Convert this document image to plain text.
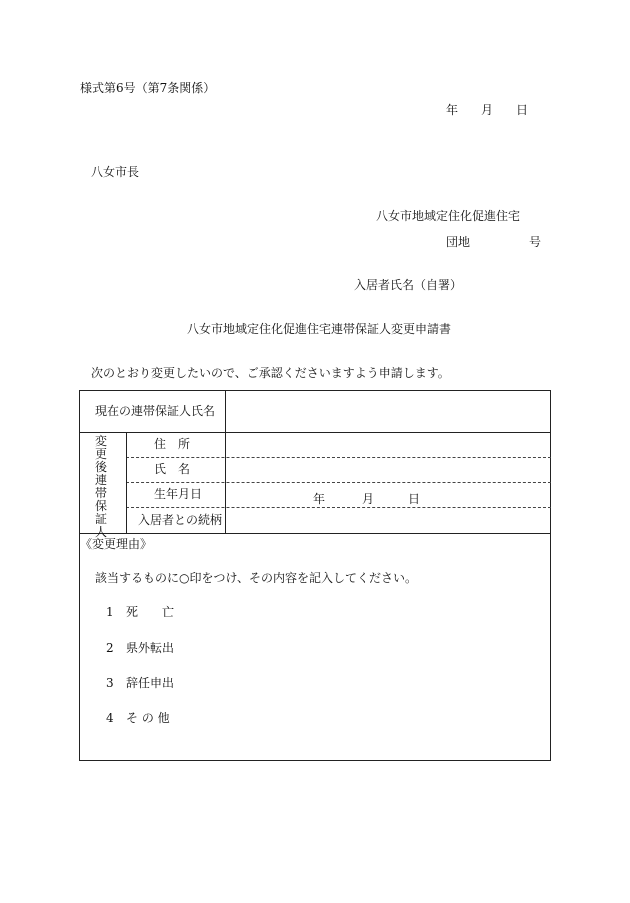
様式第6号（第7条関係）
年 月 日
八女市長
八女市地域定住化促進住宅
団地	号
入居者氏名（自署）
八女市地域定住化促進住宅連帯保証人変更申請書
次のとおり変更したいので、ご承認くださいますよう申請します。
現在の連帯保証人氏名
変
更
後
連
帯
保
証
人
住　所
氏　名
生年月日	年	月	日
入居者との続柄
《変更理由》
該当するものに○印をつけ、その内容を記入してください。
1 死　　亡
2 県外転出
3 辞任申出
4 そ の 他
